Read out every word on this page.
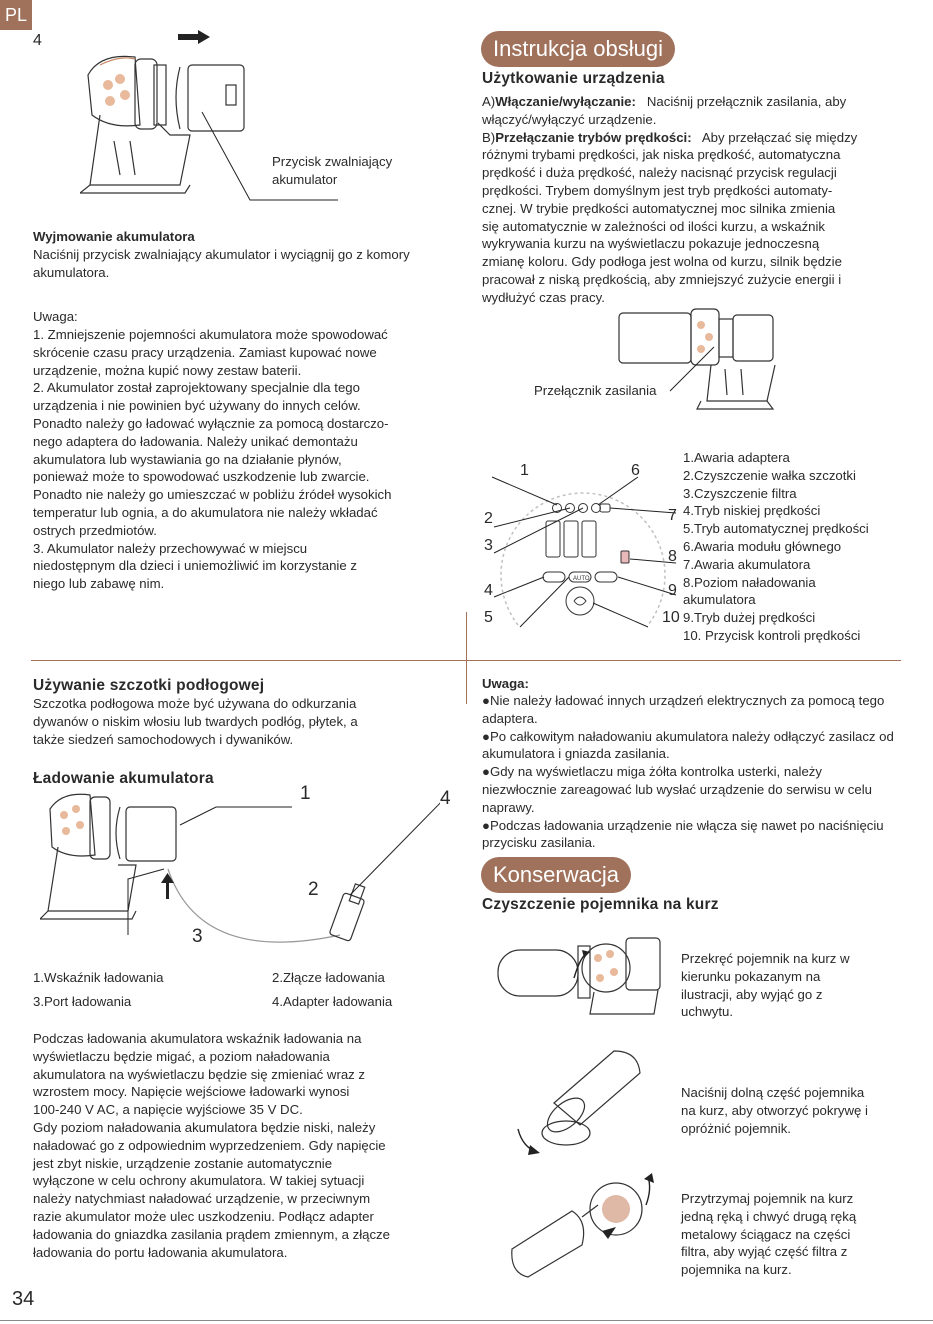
PL
4
Przycisk zwalniający akumulator
Wyjmowanie akumulatora
Naciśnij przycisk zwalniający akumulator i wyciągnij go z komory akumulatora.
Uwaga:
1. Zmniejszenie pojemności akumulatora może spowodować
skrócenie czasu pracy urządzenia. Zamiast kupować nowe
urządzenie, można kupić nowy zestaw baterii.
2. Akumulator został zaprojektowany specjalnie dla tego
urządzenia i nie powinien być używany do innych celów.
Ponadto należy go ładować wyłącznie za pomocą dostarczo-
nego adaptera do ładowania. Należy unikać demontażu
akumulatora lub wystawiania go na działanie płynów,
ponieważ może to spowodować uszkodzenie lub zwarcie.
Ponadto nie należy go umieszczać w pobliżu źródeł wysokich
temperatur lub ognia, a do akumulatora nie należy wkładać
ostrych przedmiotów.
3. Akumulator należy przechowywać w miejscu
niedostępnym dla dzieci i uniemożliwić im korzystanie z
niego lub zabawę nim.
Instrukcja obsługi
Użytkowanie urządzenia
A)Włączanie/wyłączanie:   Naciśnij przełącznik zasilania, aby
włączyć/wyłączyć urządzenie.
B)Przełączanie trybów prędkości:   Aby przełączać się między
różnymi trybami prędkości, jak niska prędkość, automatyczna
prędkość i duża prędkość, należy nacisnąć przycisk regulacji
prędkości. Trybem domyślnym jest tryb prędkości automaty-
cznej. W trybie prędkości automatycznej moc silnika zmienia
się automatycznie w zależności od ilości kurzu, a wskaźnik
wykrywania kurzu na wyświetlaczu pokazuje jednoczesną
zmianę koloru. Gdy podłoga jest wolna od kurzu, silnik będzie
pracował z niską prędkością, aby zmniejszyć zużycie energii i
wydłużyć czas pracy.
Przełącznik zasilania
AUTO
1	6
2	7
3
8
4	9
5	10
1.Awaria adaptera
2.Czyszczenie wałka szczotki
3.Czyszczenie filtra
4.Tryb niskiej prędkości
5.Tryb automatycznej prędkości
6.Awaria modułu głównego
7.Awaria akumulatora
8.Poziom naładowania
akumulatora
9.Tryb dużej prędkości
10. Przycisk kontroli prędkości
Używanie szczotki podłogowej
Szczotka podłogowa może być używana do odkurzania
dywanów o niskim włosiu lub twardych podłóg, płytek, a
także siedzeń samochodowych i dywaników.
Ładowanie akumulatora
1	4
2
3
1.Wskaźnik ładowania	2.Złącze ładowania
3.Port ładowania	4.Adapter ładowania
Podczas ładowania akumulatora wskaźnik ładowania na
wyświetlaczu będzie migać, a poziom naładowania
akumulatora na wyświetlaczu będzie się zmieniać wraz z
wzrostem mocy. Napięcie wejściowe ładowarki wynosi
100-240 V AC, a napięcie wyjściowe 35 V DC.
Gdy poziom naładowania akumulatora będzie niski, należy
naładować go z odpowiednim wyprzedzeniem. Gdy napięcie
jest zbyt niskie, urządzenie zostanie automatycznie
wyłączone w celu ochrony akumulatora. W takiej sytuacji
należy natychmiast naładować urządzenie, w przeciwnym
razie akumulator może ulec uszkodzeniu. Podłącz adapter
ładowania do gniazdka zasilania prądem zmiennym, a złącze
ładowania do portu ładowania akumulatora.
Uwaga:
● Nie należy ładować innych urządzeń elektrycznych za pomocą tego adaptera.
● Po całkowitym naładowaniu akumulatora należy odłączyć zasilacz od akumulatora i gniazda zasilania.
● Gdy na wyświetlaczu miga żółta kontrolka usterki, należy niezwłocznie zareagować lub wysłać urządzenie do serwisu w celu naprawy.
● Podczas ładowania urządzenie nie włącza się nawet po naciśnięciu przycisku zasilania.
Konserwacja
Czyszczenie pojemnika na kurz
Przekręć pojemnik na kurz w
kierunku pokazanym na
ilustracji, aby wyjąć go z
uchwytu.
Naciśnij dolną część pojemnika
na kurz, aby otworzyć pokrywę i
opróżnić pojemnik.
Przytrzymaj pojemnik na kurz
jedną ręką i chwyć drugą ręką
metalowy ściągacz na części
filtra, aby wyjąć część filtra z
pojemnika na kurz.
34
